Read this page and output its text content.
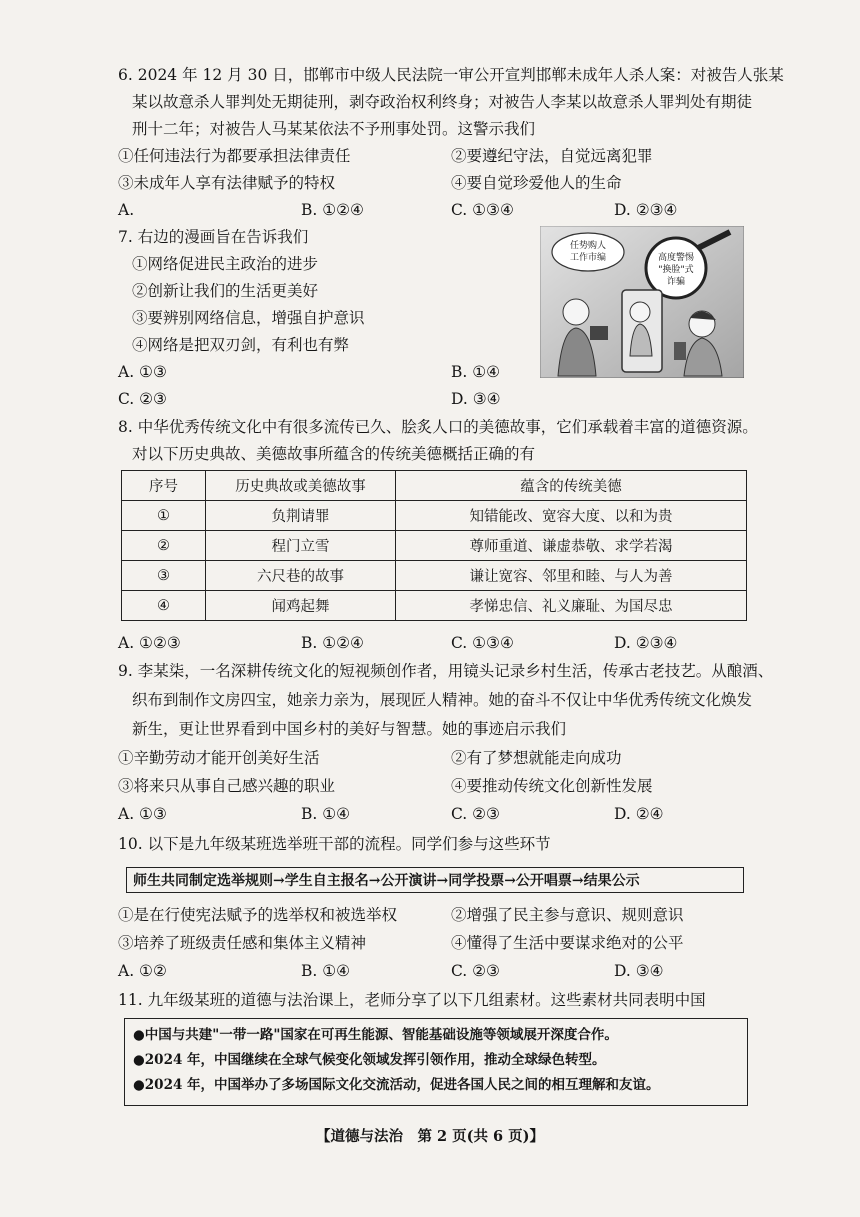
6. 2024 年 12 月 30 日，邯郸市中级人民法院一审公开宣判邯郸未成年人杀人案：对被告人张某
某以故意杀人罪判处无期徒刑，剥夺政治权利终身；对被告人李某以故意杀人罪判处有期徒
刑十二年；对被告人马某某依法不予刑事处罚。这警示我们
①任何违法行为都要承担法律责任	②要遵纪守法，自觉远离犯罪
③未成年人享有法律赋予的特权	④要自觉珍爱他人的生命
A.	B. ①②④	C. ①③④	D. ②③④
7. 右边的漫画旨在告诉我们
①网络促进民主政治的进步
②创新让我们的生活更美好
③要辨别网络信息，增强自护意识
④网络是把双刃剑，有利也有弊
A. ①③	B. ①④
C. ②③	D. ③④
任势购人
工作市编	高度警惕
"换脸"式
诈骗
8. 中华优秀传统文化中有很多流传已久、脍炙人口的美德故事，它们承载着丰富的道德资源。
对以下历史典故、美德故事所蕴含的传统美德概括正确的有
序号	历史典故或美德故事	蕴含的传统美德
①	负荆请罪	知错能改、宽容大度、以和为贵
②	程门立雪	尊师重道、谦虚恭敬、求学若渴
③	六尺巷的故事	谦让宽容、邻里和睦、与人为善
④	闻鸡起舞	孝悌忠信、礼义廉耻、为国尽忠
A. ①②③	B. ①②④	C. ①③④	D. ②③④
9. 李某柒，一名深耕传统文化的短视频创作者，用镜头记录乡村生活，传承古老技艺。从酿酒、
织布到制作文房四宝，她亲力亲为，展现匠人精神。她的奋斗不仅让中华优秀传统文化焕发
新生，更让世界看到中国乡村的美好与智慧。她的事迹启示我们
①辛勤劳动才能开创美好生活	②有了梦想就能走向成功
③将来只从事自己感兴趣的职业	④要推动传统文化创新性发展
A. ①③	B. ①④	C. ②③	D. ②④
10. 以下是九年级某班选举班干部的流程。同学们参与这些环节
师生共同制定选举规则→学生自主报名→公开演讲→同学投票→公开唱票→结果公示
①是在行使宪法赋予的选举权和被选举权	②增强了民主参与意识、规则意识
③培养了班级责任感和集体主义精神	④懂得了生活中要谋求绝对的公平
A. ①②	B. ①④	C. ②③	D. ③④
11. 九年级某班的道德与法治课上，老师分享了以下几组素材。这些素材共同表明中国
●中国与共建"一带一路"国家在可再生能源、智能基础设施等领域展开深度合作。
●2024 年，中国继续在全球气候变化领域发挥引领作用，推动全球绿色转型。
●2024 年，中国举办了多场国际文化交流活动，促进各国人民之间的相互理解和友谊。
【道德与法治　第 2 页(共 6 页)】
